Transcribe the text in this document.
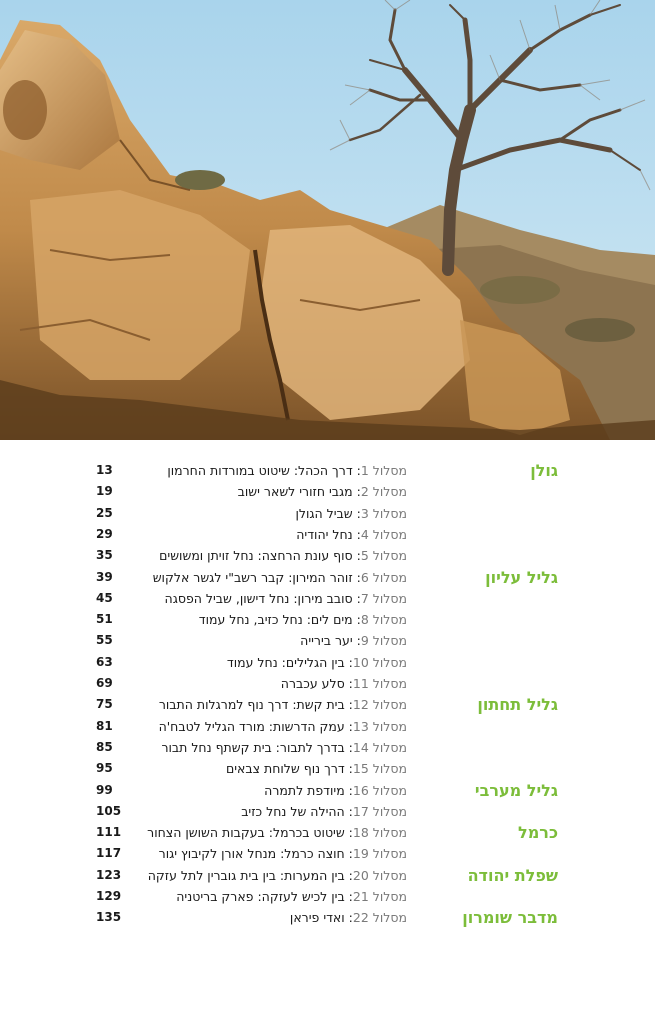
גולן
מסלול 1: דרך הכהל: שיטוט במורדות החרמון
13
מסלול 2: מגבי חזורי לשאר ישוב
19
מסלול 3: שביל הגולן
25
מסלול 4: נחל יהודיה
29
מסלול 5: סוף עונת הרחצה: נחל זויתן ומשושים
35
גליל עליון
מסלול 6: זוהר המירון: קבר רשב"י לגשר אלקוש
39
מסלול 7: סובב מירון: נחל דישון, שביל הפסגה
45
מסלול 8: מים לים: נחל כזיב, נחל עמוד
51
מסלול 9: יער בירייה
55
מסלול 10: בין הגלילים: נחל עמוד
63
מסלול 11: סלע עכברה
69
גליל תחתון
מסלול 12: בית קשת: דרך נוף למרגלות התבור
75
מסלול 13: עמק הדרשות: מורד הגליל לטבח'ה
81
מסלול 14: בדרך לתבור: בית קשתף נחל תבור
85
מסלול 15: דרך נוף שלוחת צבאים
95
גליל מערבי
מסלול 16: מיודפת לתמרה
99
מסלול 17: ההילה של נחל כזיב
105
כרמל
מסלול 18: שיטוט בכרמל: בעקבות השושן הצחור
111
מסלול 19: חוצה כרמל: מנחל אורן לקיבוץ יגור
117
שפלת יהודה
מסלול 20: בין המערות: בין בית גוברין לתל עזקה
123
מסלול 21: בין לכיש לעזקה: פארק בריטניה
129
מדבר שומרון
מסלול 22: ואדי פיראן
135
